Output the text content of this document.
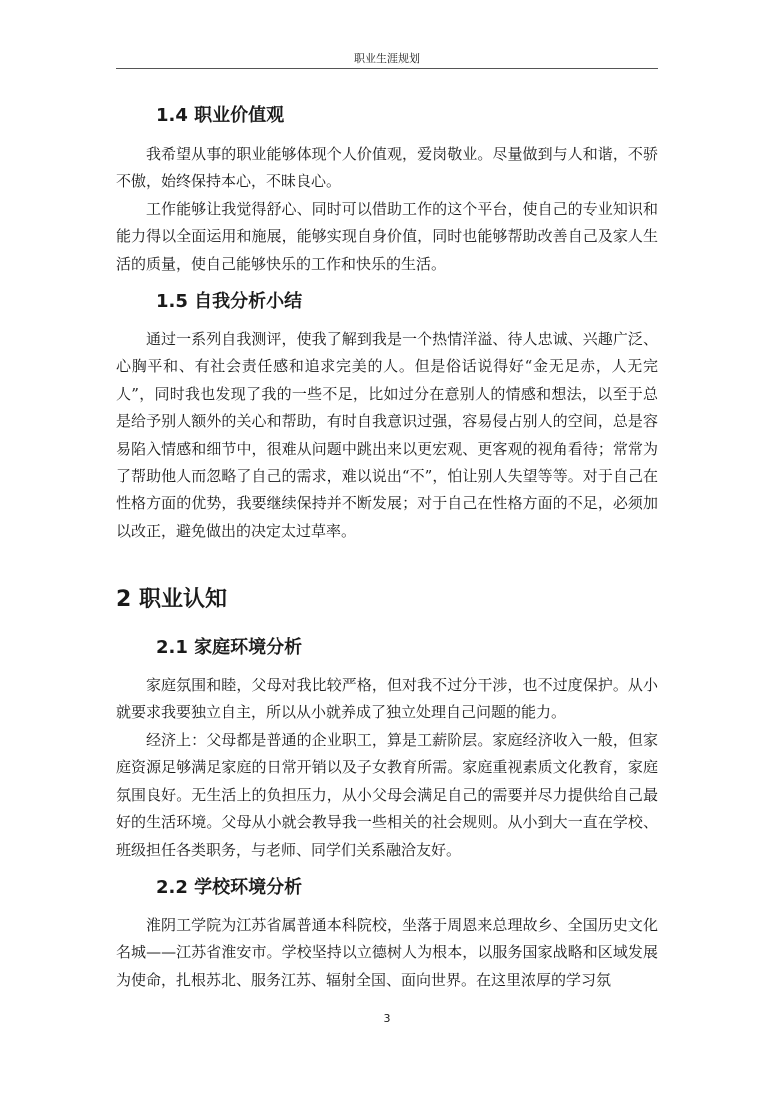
职业生涯规划
1.4 职业价值观

我希望从事的职业能够体现个人价值观，爱岗敬业。尽量做到与人和谐，不骄不傲，始终保持本心，不昧良心。

工作能够让我觉得舒心、同时可以借助工作的这个平台，使自己的专业知识和能力得以全面运用和施展，能够实现自身价值，同时也能够帮助改善自己及家人生活的质量，使自己能够快乐的工作和快乐的生活。

1.5 自我分析小结

通过一系列自我测评，使我了解到我是一个热情洋溢、待人忠诚、兴趣广泛、心胸平和、有社会责任感和追求完美的人。但是俗话说得好“金无足赤，人无完人”，同时我也发现了我的一些不足，比如过分在意别人的情感和想法，以至于总是给予别人额外的关心和帮助，有时自我意识过强，容易侵占别人的空间，总是容易陷入情感和细节中，很难从问题中跳出来以更宏观、更客观的视角看待；常常为了帮助他人而忽略了自己的需求，难以说出“不”，怕让别人失望等等。对于自己在性格方面的优势，我要继续保持并不断发展；对于自己在性格方面的不足，必须加以改正，避免做出的决定太过草率。

2 职业认知
2.1 家庭环境分析

家庭氛围和睦，父母对我比较严格，但对我不过分干涉，也不过度保护。从小就要求我要独立自主，所以从小就养成了独立处理自己问题的能力。

经济上：父母都是普通的企业职工，算是工薪阶层。家庭经济收入一般，但家庭资源足够满足家庭的日常开销以及子女教育所需。家庭重视素质文化教育，家庭氛围良好。无生活上的负担压力，从小父母会满足自己的需要并尽力提供给自己最好的生活环境。父母从小就会教导我一些相关的社会规则。从小到大一直在学校、班级担任各类职务，与老师、同学们关系融洽友好。

2.2 学校环境分析

淮阴工学院为江苏省属普通本科院校，坐落于周恩来总理故乡、全国历史文化名城——江苏省淮安市。学校坚持以立德树人为根本，以服务国家战略和区域发展为使命，扎根苏北、服务江苏、辐射全国、面向世界。在这里浓厚的学习氛

3
